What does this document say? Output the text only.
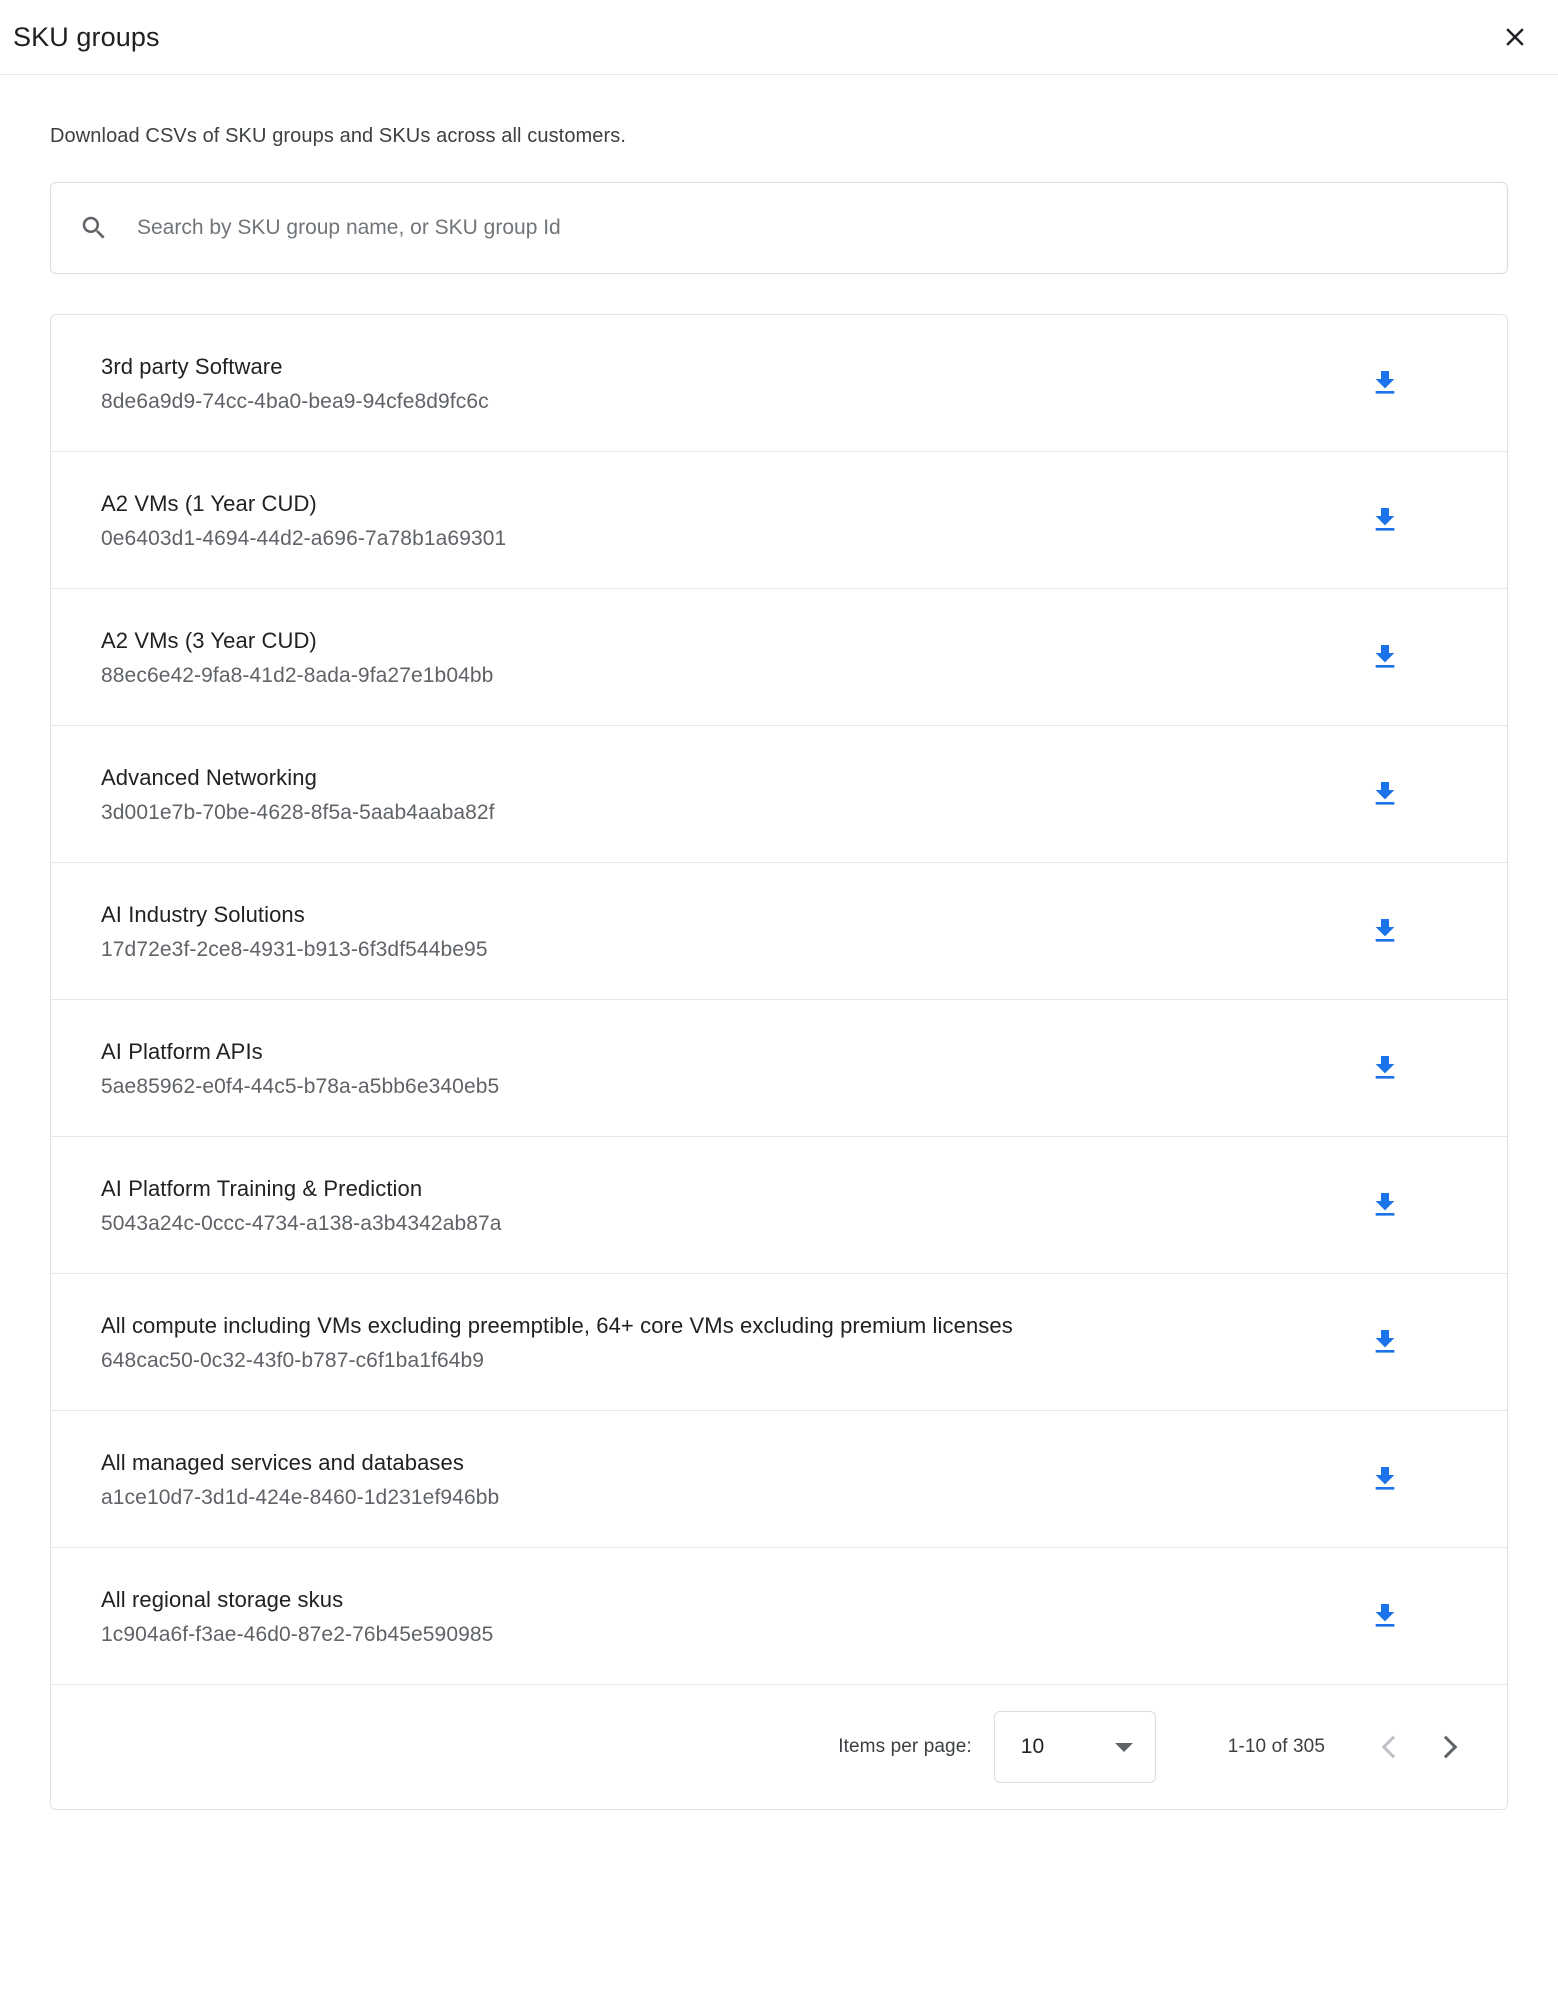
SKU groups

Download CSVs of SKU groups and SKUs across all customers.

Search by SKU group name, or SKU group Id
3rd party Software
8de6a9d9-74cc-4ba0-bea9-94cfe8d9fc6c
A2 VMs (1 Year CUD)
0e6403d1-4694-44d2-a696-7a78b1a69301
A2 VMs (3 Year CUD)
88ec6e42-9fa8-41d2-8ada-9fa27e1b04bb
Advanced Networking
3d001e7b-70be-4628-8f5a-5aab4aaba82f
AI Industry Solutions
17d72e3f-2ce8-4931-b913-6f3df544be95
AI Platform APIs
5ae85962-e0f4-44c5-b78a-a5bb6e340eb5
AI Platform Training & Prediction
5043a24c-0ccc-4734-a138-a3b4342ab87a
All compute including VMs excluding preemptible, 64+ core VMs excluding premium licenses
648cac50-0c32-43f0-b787-c6f1ba1f64b9
All managed services and databases
a1ce10d7-3d1d-424e-8460-1d231ef946bb
All regional storage skus
1c904a6f-f3ae-46d0-87e2-76b45e590985
Items per page: 10	1-10 of 305
